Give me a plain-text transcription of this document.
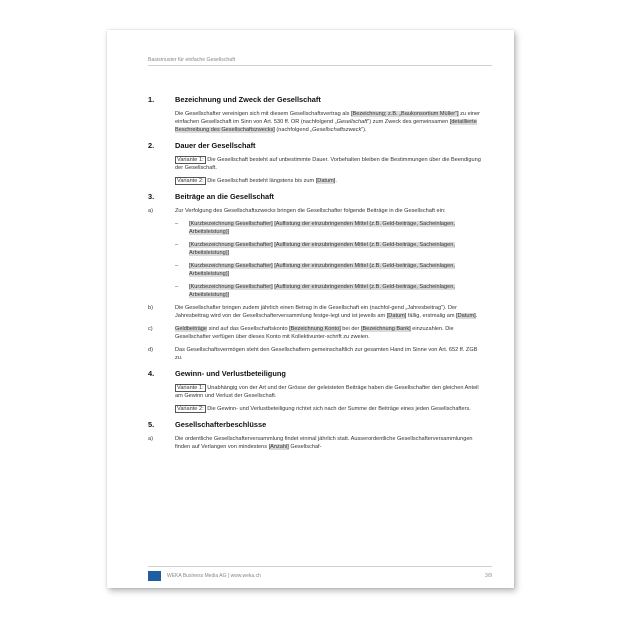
Basismuster für einfache Gesellschaft
1.	Bezeichnung und Zweck der Gesellschaft
Die Gesellschafter vereinigen sich mit diesem Gesellschaftsvertrag als [Bezeichnung; z.B. „Baukonsortium Müller“] zu einer einfachen Gesellschaft im Sinn von Art. 530 ff. OR (nachfolgend „Gesellschaft“) zum Zweck des gemeinsamen [detaillierte Beschreibung des Gesellschaftszwecks] (nachfolgend „Gesellschaftszweck“).
2.	Dauer der Gesellschaft
Variante 1: Die Gesellschaft besteht auf unbestimmte Dauer. Vorbehalten bleiben die Bestimmungen über die Beendigung der Gesellschaft.
Variante 2: Die Gesellschaft besteht längstens bis zum [Datum].
3.	Beiträge an die Gesellschaft
a)	Zur Verfolgung des Gesellschaftszwecks bringen die Gesellschafter folgende Beiträge in die Gesellschaft ein:
– [Kurzbezeichnung Gesellschafter] [Auflistung der einzubringenden Mittel (z.B. Geld-beiträge, Sacheinlagen, Arbeitsleistung)]
– [Kurzbezeichnung Gesellschafter] [Auflistung der einzubringenden Mittel (z.B. Geld-beiträge, Sacheinlagen, Arbeitsleistung)]
– [Kurzbezeichnung Gesellschafter] [Auflistung der einzubringenden Mittel (z.B. Geld-beiträge, Sacheinlagen, Arbeitsleistung)]
– [Kurzbezeichnung Gesellschafter] [Auflistung der einzubringenden Mittel (z.B. Geld-beiträge, Sacheinlagen, Arbeitsleistung)]
b)	Die Gesellschafter bringen zudem jährlich einen Betrag in die Gesellschaft ein (nachfol-gend „Jahresbeitrag“). Der Jahresbeitrag wird von der Gesellschafterversammlung festge-legt und ist jeweils am [Datum] fällig, erstmalig am [Datum].
c)	Geldbeiträge sind auf das Gesellschaftskonto [Bezeichnung Konto] bei der [Bezeichnung Bank] einzuzahlen. Die Gesellschafter verfügen über dieses Konto mit Kollektivunter-schrift zu zweien.
d)	Das Gesellschaftsvermögen steht den Gesellschaftern gemeinschaftlich zur gesamten Hand im Sinne von Art. 652 ff. ZGB zu.
4.	Gewinn- und Verlustbeteiligung
Variante 1: Unabhängig von der Art und der Grösse der geleisteten Beiträge haben die Gesellschafter den gleichen Anteil am Gewinn und Verlust der Gesellschaft.
Variante 2: Die Gewinn- und Verlustbeteiligung richtet sich nach der Summe der Beiträge eines jeden Gesellschafters.
5.	Gesellschafterbeschlüsse
a)	Die ordentliche Gesellschafterversammlung findet einmal jährlich statt. Ausserordentliche Gesellschafterversammlungen finden auf Verlangen von mindestens [Anzahl] Gesellschaf-
WEKA Business Media AG | www.weka.ch	3/9
